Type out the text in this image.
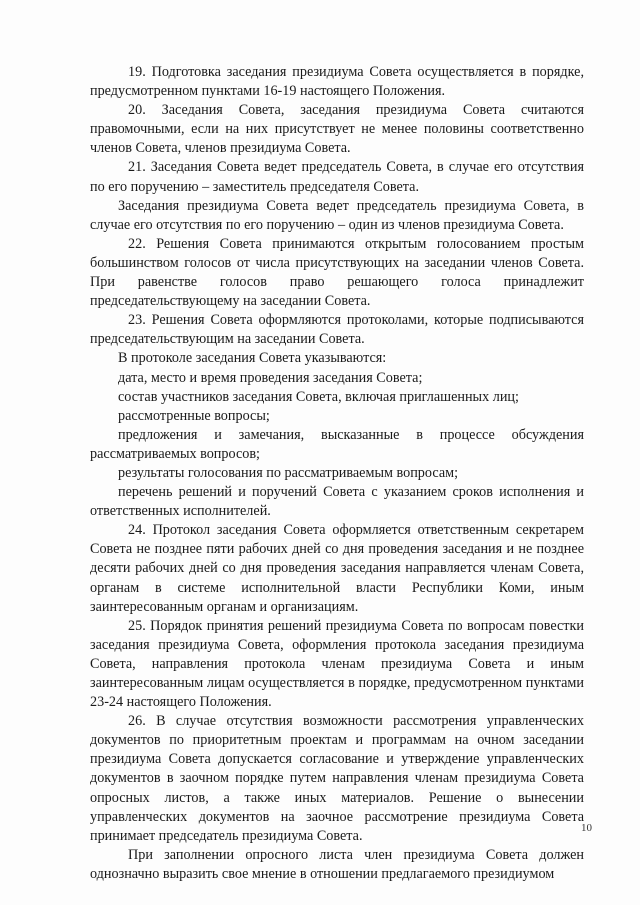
19. Подготовка заседания президиума Совета осуществляется в порядке, предусмотренном пунктами 16-19 настоящего Положения.

20. Заседания Совета, заседания президиума Совета считаются правомочными, если на них присутствует не менее половины соответственно членов Совета, членов президиума Совета.

21. Заседания Совета ведет председатель Совета, в случае его отсутствия по его поручению – заместитель председателя Совета.

Заседания президиума Совета ведет председатель президиума Совета, в случае его отсутствия по его поручению – один из членов президиума Совета.

22. Решения Совета принимаются открытым голосованием простым большинством голосов от числа присутствующих на заседании членов Совета. При равенстве голосов право решающего голоса принадлежит председательствующему на заседании Совета.

23. Решения Совета оформляются протоколами, которые подписываются председательствующим на заседании Совета.

В протоколе заседания Совета указываются:

дата, место и время проведения заседания Совета;

состав участников заседания Совета, включая приглашенных лиц;

рассмотренные вопросы;

предложения и замечания, высказанные в процессе обсуждения рассматриваемых вопросов;

результаты голосования по рассматриваемым вопросам;

перечень решений и поручений Совета с указанием сроков исполнения и ответственных исполнителей.

24. Протокол заседания Совета оформляется ответственным секретарем Совета не позднее пяти рабочих дней со дня проведения заседания и не позднее десяти рабочих дней со дня проведения заседания направляется членам Совета, органам в системе исполнительной власти Республики Коми, иным заинтересованным органам и организациям.

25. Порядок принятия решений президиума Совета по вопросам повестки заседания президиума Совета, оформления протокола заседания президиума Совета, направления протокола членам президиума Совета и иным заинтересованным лицам осуществляется в порядке, предусмотренном пунктами 23-24 настоящего Положения.

26. В случае отсутствия возможности рассмотрения управленческих документов по приоритетным проектам и программам на очном заседании президиума Совета допускается согласование и утверждение управленческих документов в заочном порядке путем направления членам президиума Совета опросных листов, а также иных материалов. Решение о вынесении управленческих документов на заочное рассмотрение президиума Совета принимает председатель президиума Совета.

При заполнении опросного листа член президиума Совета должен однозначно выразить свое мнение в отношении предлагаемого президиумом

10
